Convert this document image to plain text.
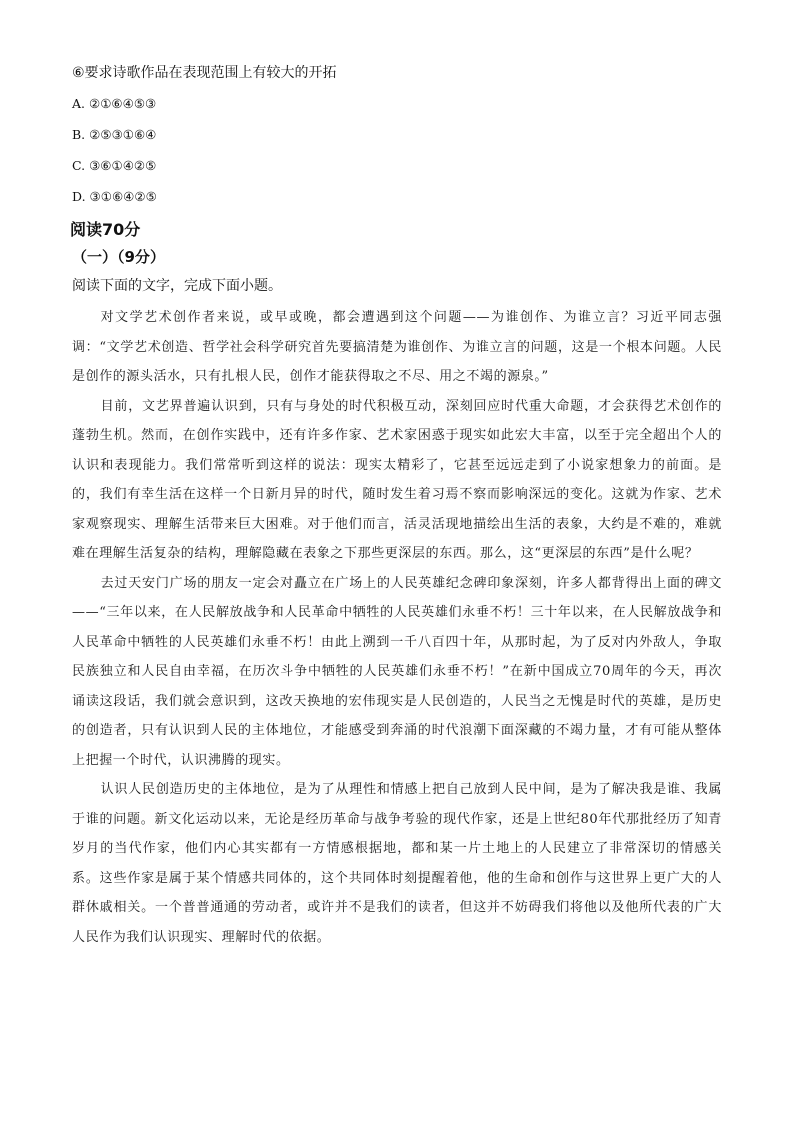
⑥要求诗歌作品在表现范围上有较大的开拓
A. ②①⑥④⑤③
B. ②⑤③①⑥④
C. ③⑥①④②⑤
D. ③①⑥④②⑤
阅读70分
（一）（9分）
阅读下面的文字，完成下面小题。

对文学艺术创作者来说，或早或晚，都会遭遇到这个问题——为谁创作、为谁立言？习近平同志强调：“文学艺术创造、哲学社会科学研究首先要搞清楚为谁创作、为谁立言的问题，这是一个根本问题。人民是创作的源头活水，只有扎根人民，创作才能获得取之不尽、用之不竭的源泉。”

目前，文艺界普遍认识到，只有与身处的时代积极互动，深刻回应时代重大命题，才会获得艺术创作的蓬勃生机。然而，在创作实践中，还有许多作家、艺术家困惑于现实如此宏大丰富，以至于完全超出个人的认识和表现能力。我们常常听到这样的说法：现实太精彩了，它甚至远远走到了小说家想象力的前面。是的，我们有幸生活在这样一个日新月异的时代，随时发生着习焉不察而影响深远的变化。这就为作家、艺术家观察现实、理解生活带来巨大困难。对于他们而言，活灵活现地描绘出生活的表象，大约是不难的，难就难在理解生活复杂的结构，理解隐藏在表象之下那些更深层的东西。那么，这“更深层的东西”是什么呢？

去过天安门广场的朋友一定会对矗立在广场上的人民英雄纪念碑印象深刻，许多人都背得出上面的碑文——“三年以来，在人民解放战争和人民革命中牺牲的人民英雄们永垂不朽！三十年以来，在人民解放战争和人民革命中牺牲的人民英雄们永垂不朽！由此上溯到一千八百四十年，从那时起，为了反对内外敌人，争取民族独立和人民自由幸福，在历次斗争中牺牲的人民英雄们永垂不朽！”在新中国成立70周年的今天，再次诵读这段话，我们就会意识到，这改天换地的宏伟现实是人民创造的，人民当之无愧是时代的英雄，是历史的创造者，只有认识到人民的主体地位，才能感受到奔涌的时代浪潮下面深藏的不竭力量，才有可能从整体上把握一个时代，认识沸腾的现实。

认识人民创造历史的主体地位，是为了从理性和情感上把自己放到人民中间，是为了解决我是谁、我属于谁的问题。新文化运动以来，无论是经历革命与战争考验的现代作家，还是上世纪80年代那批经历了知青岁月的当代作家，他们内心其实都有一方情感根据地，都和某一片土地上的人民建立了非常深切的情感关系。这些作家是属于某个情感共同体的，这个共同体时刻提醒着他，他的生命和创作与这世界上更广大的人群休戚相关。一个普普通通的劳动者，或许并不是我们的读者，但这并不妨碍我们将他以及他所代表的广大人民作为我们认识现实、理解时代的依据。
